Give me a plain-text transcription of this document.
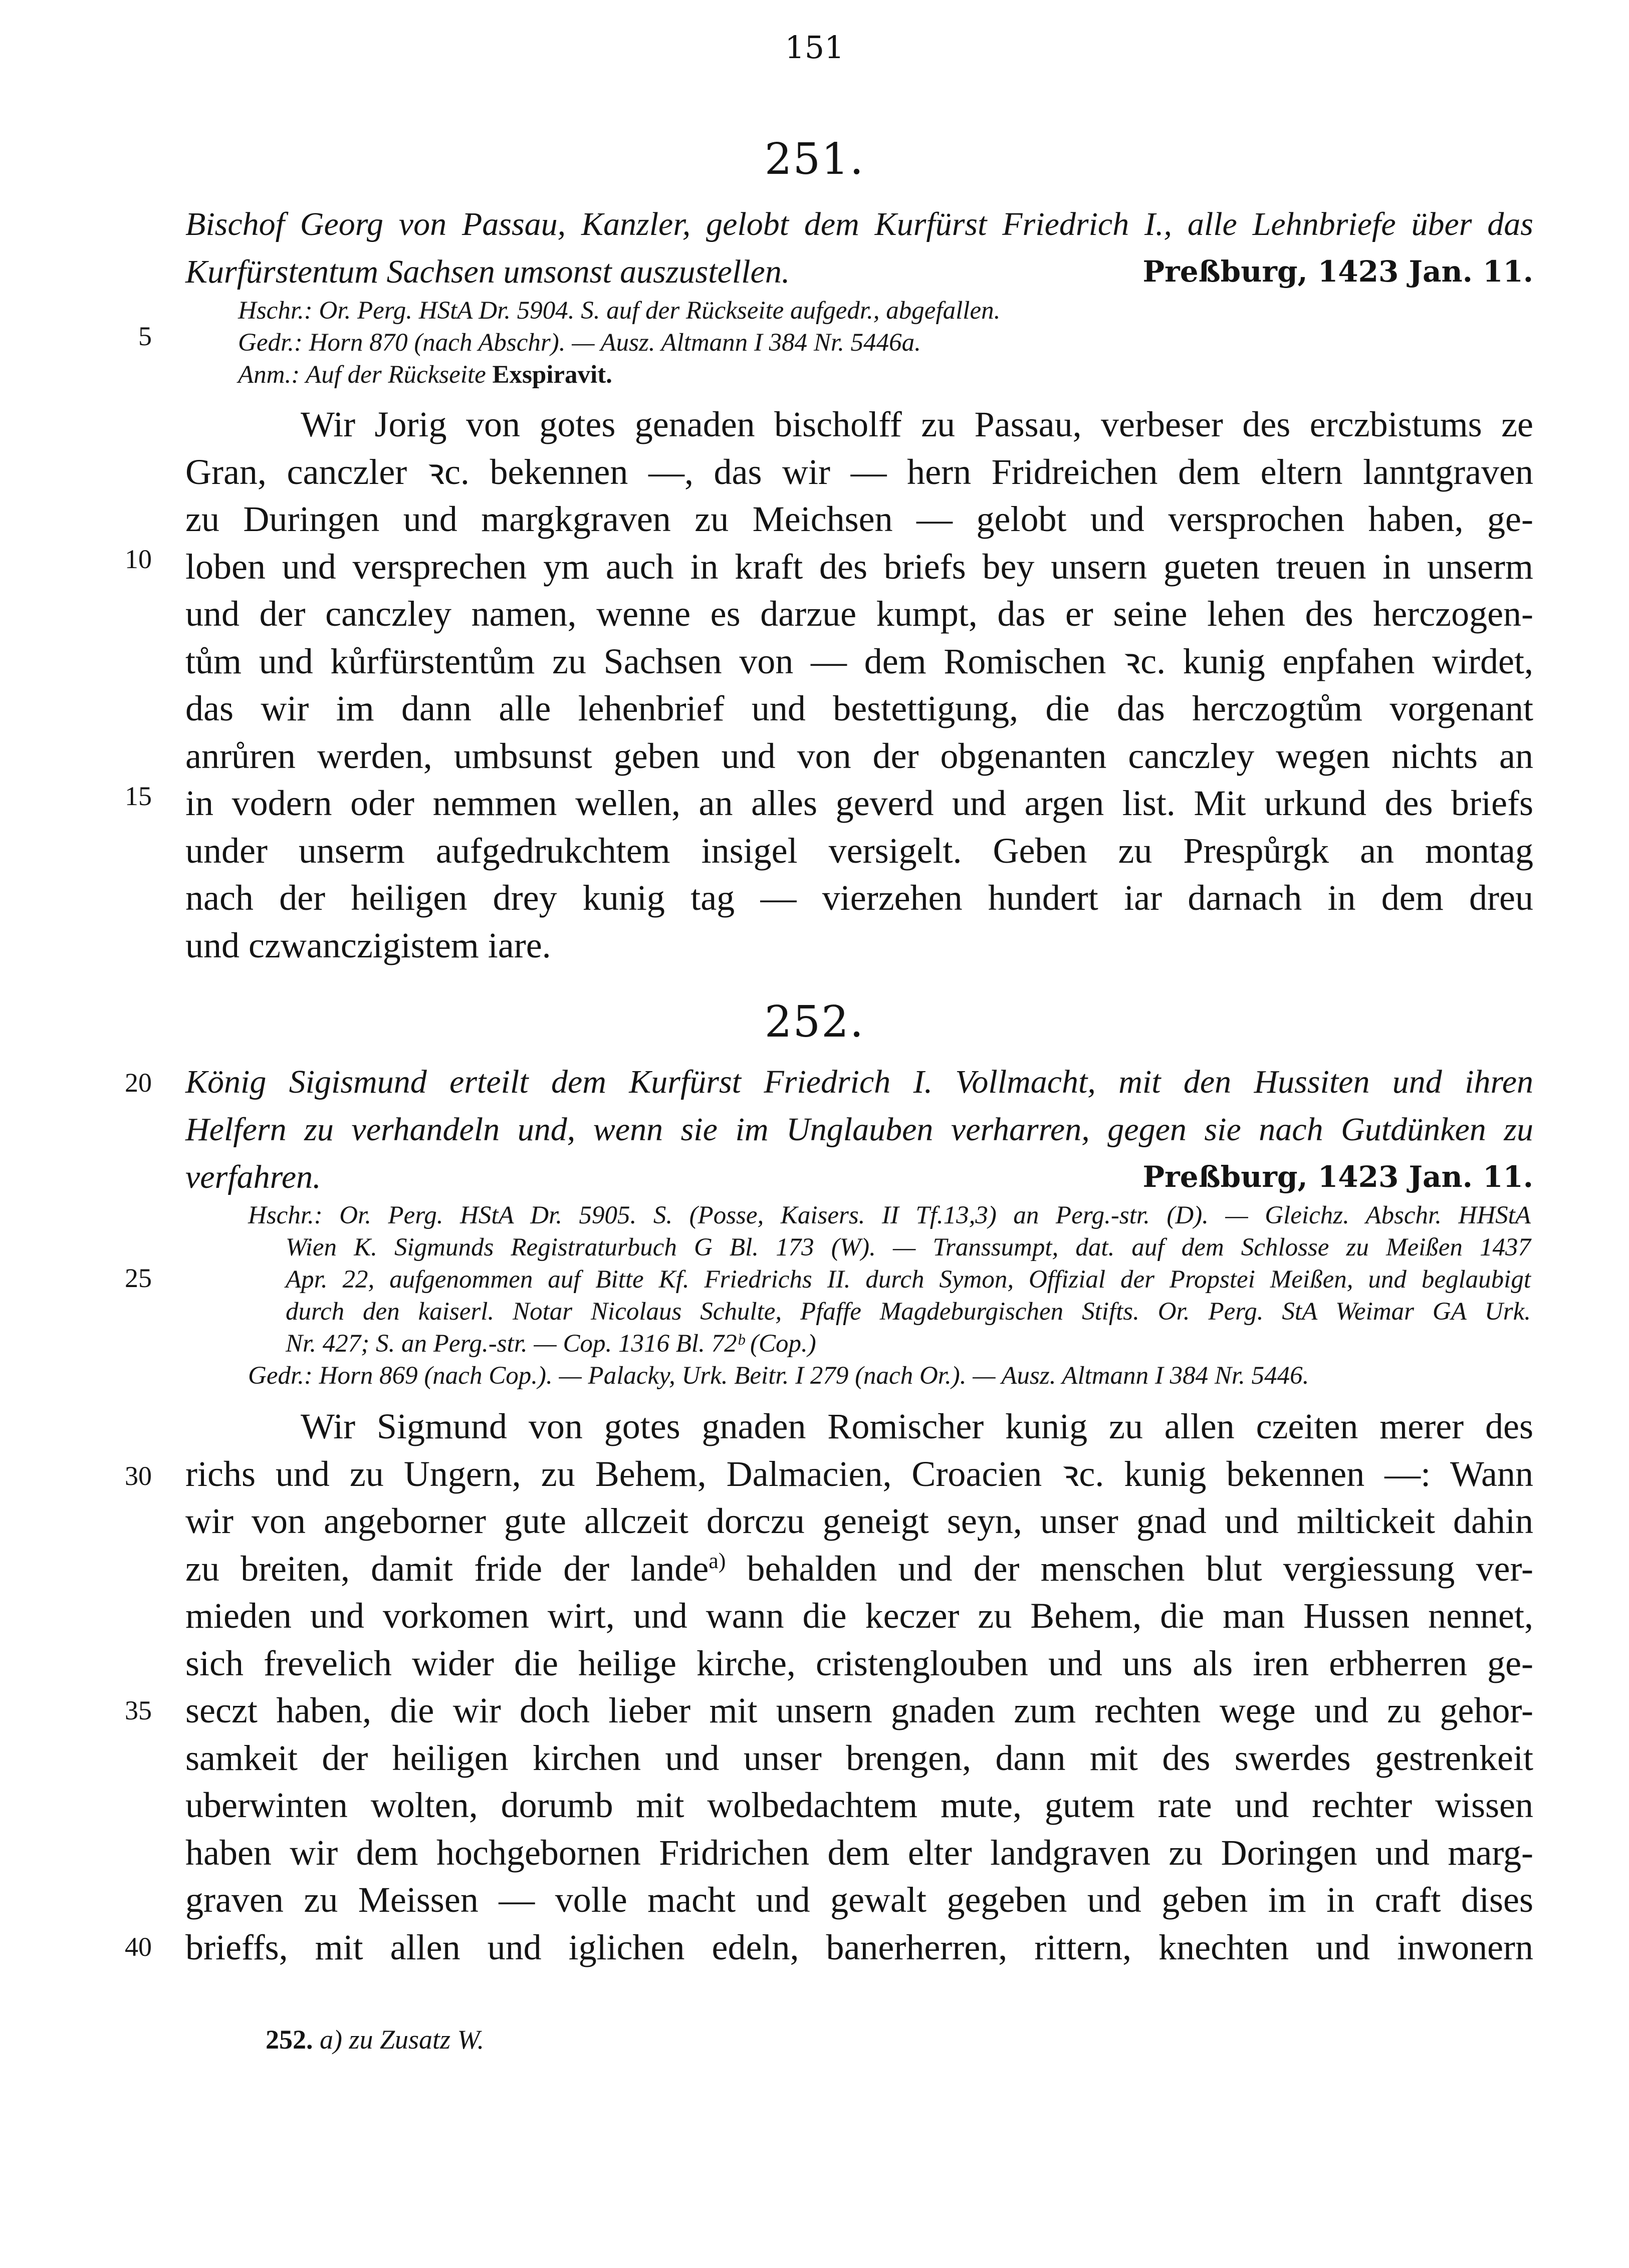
151
251.
Bischof Georg von Passau, Kanzler, gelobt dem Kurfürst Friedrich I., alle Lehnbriefe über das
Kurfürstentum Sachsen umsonst auszustellen.	Preßburg, 1423 Jan. 11.
Hschr.: Or. Perg. HStA Dr. 5904. S. auf der Rückseite aufgedr., abgefallen.
Gedr.: Horn 870 (nach Abschr). — Ausz. Altmann I 384 Nr. 5446a.
Anm.: Auf der Rückseite Exspiravit.
Wir Jorig von gotes genaden bischolff zu Passau, verbeser des erczbistums ze
Gran, canczler ꝛc. bekennen —, das wir — hern Fridreichen dem eltern lanntgraven
zu Duringen und margkgraven zu Meichsen — gelobt und versprochen haben, ge-
loben und versprechen ym auch in kraft des briefs bey unsern gueten treuen in unserm
und der canczley namen, wenne es darzue kumpt, das er seine lehen des herczogen-
tům und kůrfürstentům zu Sachsen von — dem Romischen ꝛc. kunig enpfahen wirdet,
das wir im dann alle lehenbrief und bestettigung, die das herczogtům vorgenant
anrůren werden, umbsunst geben und von der obgenanten canczley wegen nichts an
in vodern oder nemmen wellen, an alles geverd und argen list. Mit urkund des briefs
under unserm aufgedrukchtem insigel versigelt. Geben zu Prespůrgk an montag
nach der heiligen drey kunig tag — vierzehen hundert iar darnach in dem dreu
und czwanczigistem iare.
252.
König Sigismund erteilt dem Kurfürst Friedrich I. Vollmacht, mit den Hussiten und ihren
Helfern zu verhandeln und, wenn sie im Unglauben verharren, gegen sie nach Gutdünken zu
verfahren.	Preßburg, 1423 Jan. 11.
Hschr.: Or. Perg. HStA Dr. 5905. S. (Posse, Kaisers. II Tf.13,3) an Perg.-str. (D). — Gleichz. Abschr. HHStA
Wien K. Sigmunds Registraturbuch G Bl. 173 (W). — Transsumpt, dat. auf dem Schlosse zu Meißen 1437
Apr. 22, aufgenommen auf Bitte Kf. Friedrichs II. durch Symon, Offizial der Propstei Meißen, und beglaubigt
durch den kaiserl. Notar Nicolaus Schulte, Pfaffe Magdeburgischen Stifts. Or. Perg. StA Weimar GA Urk.
Nr. 427; S. an Perg.-str. — Cop. 1316 Bl. 72ᵇ (Cop.)
Gedr.: Horn 869 (nach Cop.). — Palacky, Urk. Beitr. I 279 (nach Or.). — Ausz. Altmann I 384 Nr. 5446.
Wir Sigmund von gotes gnaden Romischer kunig zu allen czeiten merer des
richs und zu Ungern, zu Behem, Dalmacien, Croacien ꝛc. kunig bekennen —: Wann
wir von angeborner gute allczeit dorczu geneigt seyn, unser gnad und miltickeit dahin
zu breiten, damit fride der lande$^{a)}$ behalden und der menschen blut vergiessung ver-
mieden und vorkomen wirt, und wann die keczer zu Behem, die man Hussen nennet,
sich frevelich wider die heilige kirche, cristenglouben und uns als iren erbherren ge-
seczt haben, die wir doch lieber mit unsern gnaden zum rechten wege und zu gehor-
samkeit der heiligen kirchen und unser brengen, dann mit des swerdes gestrenkeit
uberwinten wolten, dorumb mit wolbedachtem mute, gutem rate und rechter wissen
haben wir dem hochgebornen Fridrichen dem elter landgraven zu Doringen und marg-
graven zu Meissen — volle macht und gewalt gegeben und geben im in craft dises
brieffs, mit allen und iglichen edeln, banerherren, rittern, knechten und inwonern
5
10
15
20
25
30
35
40
252. a) zu Zusatz W.
